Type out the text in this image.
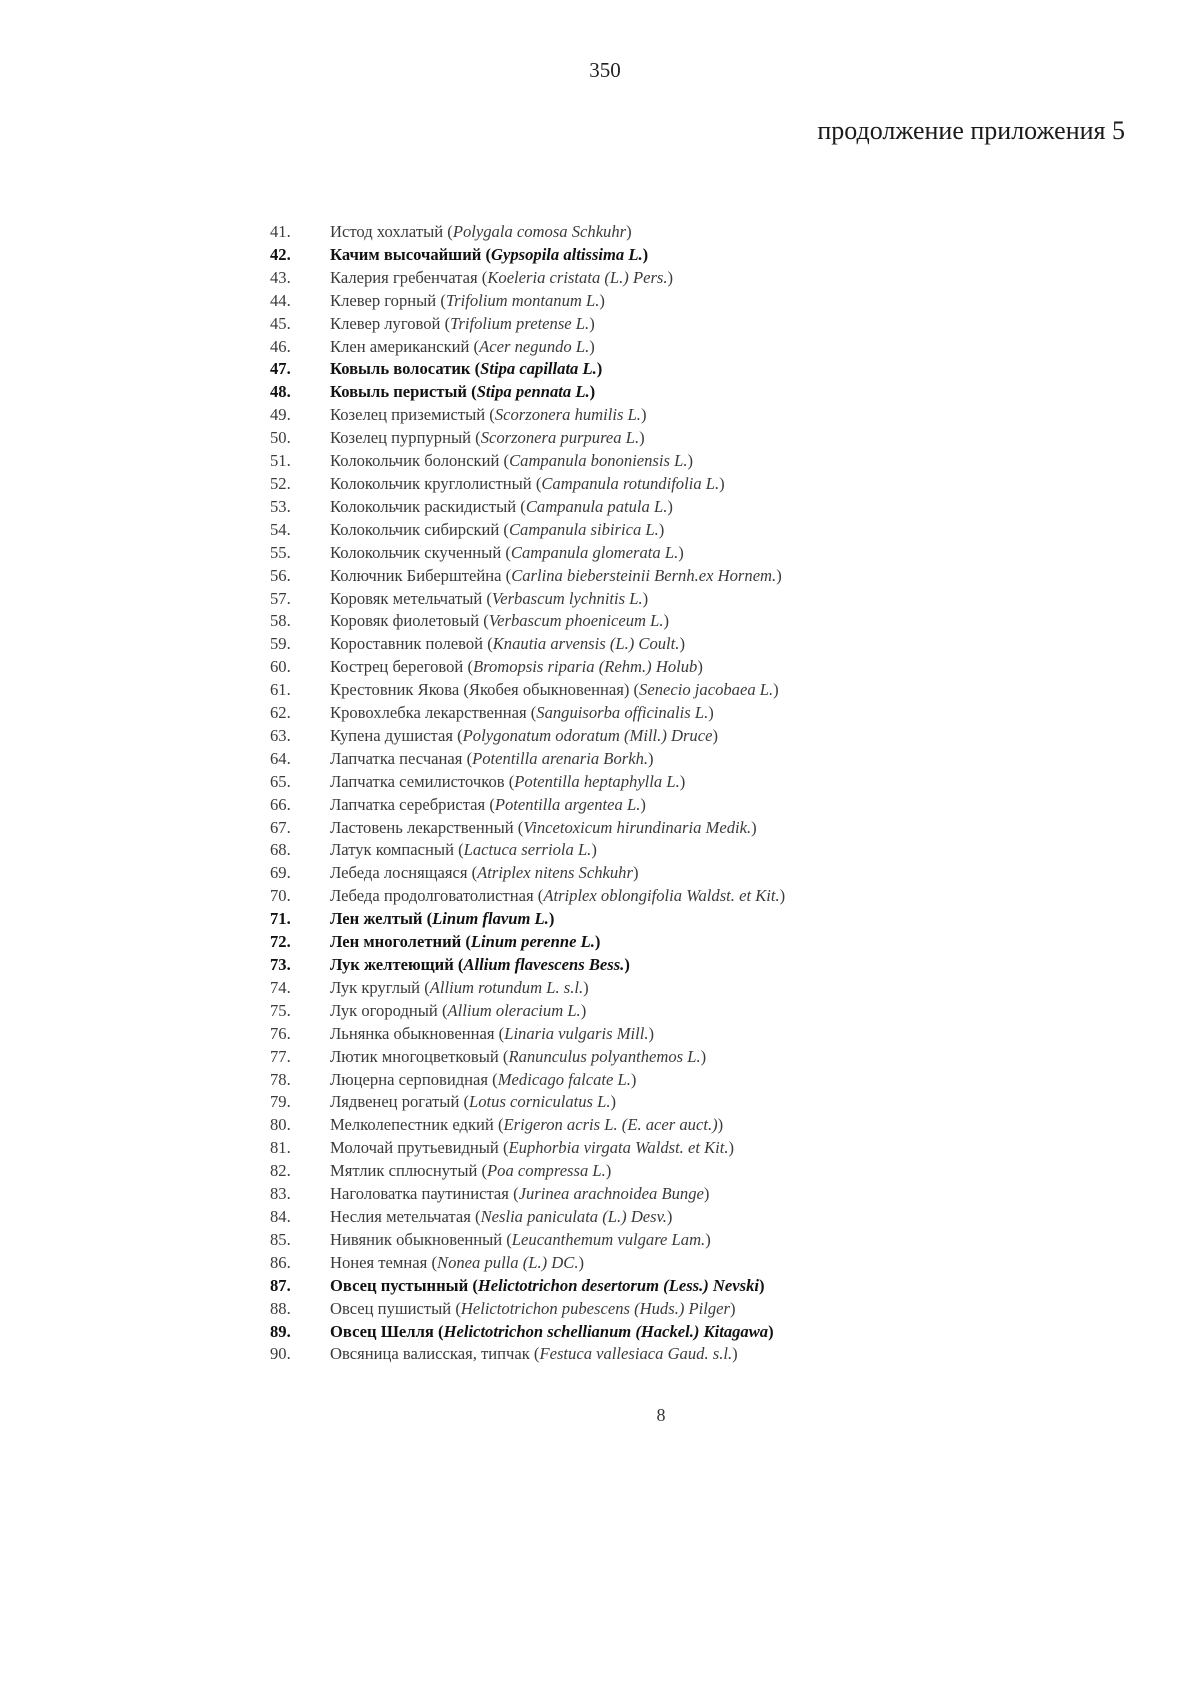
350
продолжение приложения 5
41. Истод хохлатый (Polygala comosa Schkuhr)
42. Качим высочайший (Gypsopila altissima L.)
43. Калерия гребенчатая (Koeleria cristata (L.) Pers.)
44. Клевер горный (Trifolium montanum L.)
45. Клевер луговой (Trifolium pretense L.)
46. Клен американский (Acer negundo L.)
47. Ковыль волосатик (Stipa capillata L.)
48. Ковыль перистый (Stipa pennata L.)
49. Козелец приземистый (Scorzonera humilis L.)
50. Козелец пурпурный (Scorzonera purpurea L.)
51. Колокольчик болонский (Campanula bononiensis L.)
52. Колокольчик круглолистный (Campanula rotundifolia L.)
53. Колокольчик раскидистый (Campanula patula L.)
54. Колокольчик сибирский (Campanula sibirica L.)
55. Колокольчик скученный (Campanula glomerata L.)
56. Колючник Биберштейна (Carlina biebersteinii Bernh.ex Hornem.)
57. Коровяк метельчатый (Verbascum lychnitis L.)
58. Коровяк фиолетовый (Verbascum phoeniceum L.)
59. Короставник полевой (Knautia arvensis (L.) Coult.)
60. Кострец береговой (Bromopsis riparia (Rehm.) Holub)
61. Крестовник Якова (Якобея обыкновенная) (Senecio jacobaea L.)
62. Кровохлебка лекарственная (Sanguisorba officinalis L.)
63. Купена душистая (Polygonatum odoratum (Mill.) Druce)
64. Лапчатка песчаная (Potentilla arenaria Borkh.)
65. Лапчатка семилисточков (Potentilla heptaphylla L.)
66. Лапчатка серебристая (Potentilla argentea L.)
67. Ластовень лекарственный (Vincetoxicum hirundinaria Medik.)
68. Латук компасный (Lactuca serriola L.)
69. Лебеда лоснящаяся (Atriplex nitens Schkuhr)
70. Лебеда продолговатолистная (Atriplex oblongifolia Waldst. et Kit.)
71. Лен желтый (Linum flavum L.)
72. Лен многолетний (Linum perenne L.)
73. Лук желтеющий (Allium flavescens Bess.)
74. Лук круглый (Allium rotundum L. s.l.)
75. Лук огородный (Allium oleracium L.)
76. Льнянка обыкновенная (Linaria vulgaris Mill.)
77. Лютик многоцветковый (Ranunculus polyanthemos L.)
78. Люцерна серповидная (Medicago falcate L.)
79. Лядвенец рогатый (Lotus corniculatus L.)
80. Мелколепестник едкий (Erigeron acris L. (E. acer auct.))
81. Молочай прутьевидный (Euphorbia virgata Waldst. et Kit.)
82. Мятлик сплюснутый (Poa compressa L.)
83. Наголоватка паутинистая (Jurinea arachnoidea Bunge)
84. Неслия метельчатая (Neslia paniculata (L.) Desv.)
85. Нивяник обыкновенный (Leucanthemum vulgare Lam.)
86. Нонея темная (Nonea pulla (L.) DC.)
87. Овсец пустынный (Helictotrichon desertorum (Less.) Nevski)
88. Овсец пушистый (Helictotrichon pubescens (Huds.) Pilger)
89. Овсец Шелля (Helictotrichon schellianum (Hackel.) Kitagawa)
90. Овсяница валисская, типчак (Festuca vallesiaca Gaud. s.l.)
8
